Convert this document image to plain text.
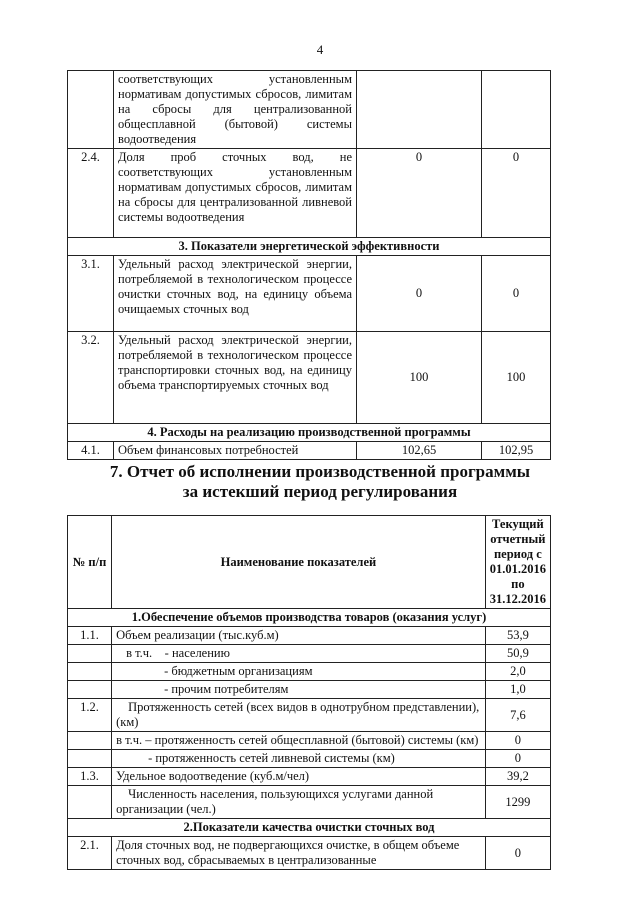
4
	соответствующих установленным нормативам допустимых сбросов, лимитам на сбросы для централизованной общесплавной (бытовой) системы водоотведения		
2.4.	Доля проб сточных вод, не соответствующих установленным нормативам допустимых сбросов, лимитам на сбросы для централизованной ливневой системы водоотведения	0	0
3. Показатели энергетической эффективности			
3.1.	Удельный расход электрической энергии, потребляемой в технологическом процессе очистки сточных вод, на единицу объема очищаемых сточных вод	0	0
3.2.	Удельный расход электрической энергии, потребляемой в технологическом процессе транспортировки сточных вод, на единицу объема транспортируемых сточных вод	100	100
4. Расходы на реализацию производственной программы			
4.1.	Объем финансовых потребностей	102,65	102,95
7. Отчет об исполнении производственной программы
за истекший период регулирования
№ п/п	Наименование показателей	Текущий отчетный период с 01.01.2016 по 31.12.2016
1.Обеспечение объемов производства товаров (оказания услуг)		
1.1.	Объем реализации (тыс.куб.м)	53,9
	в т.ч.    - населению	50,9
	- бюджетным организациям	2,0
	- прочим потребителям	1,0
1.2.	Протяженность сетей (всех видов в однотрубном представлении), (км)	7,6
	в т.ч. – протяженность сетей общесплавной (бытовой) системы (км)	0
	- протяженность сетей ливневой системы (км)	0
1.3.	Удельное водоотведение (куб.м/чел)	39,2
	Численность населения, пользующихся услугами данной организации (чел.)	1299
2.Показатели качества очистки сточных вод		
2.1.	Доля сточных вод, не подвергающихся очистке, в общем объеме сточных вод, сбрасываемых в централизованные	0
